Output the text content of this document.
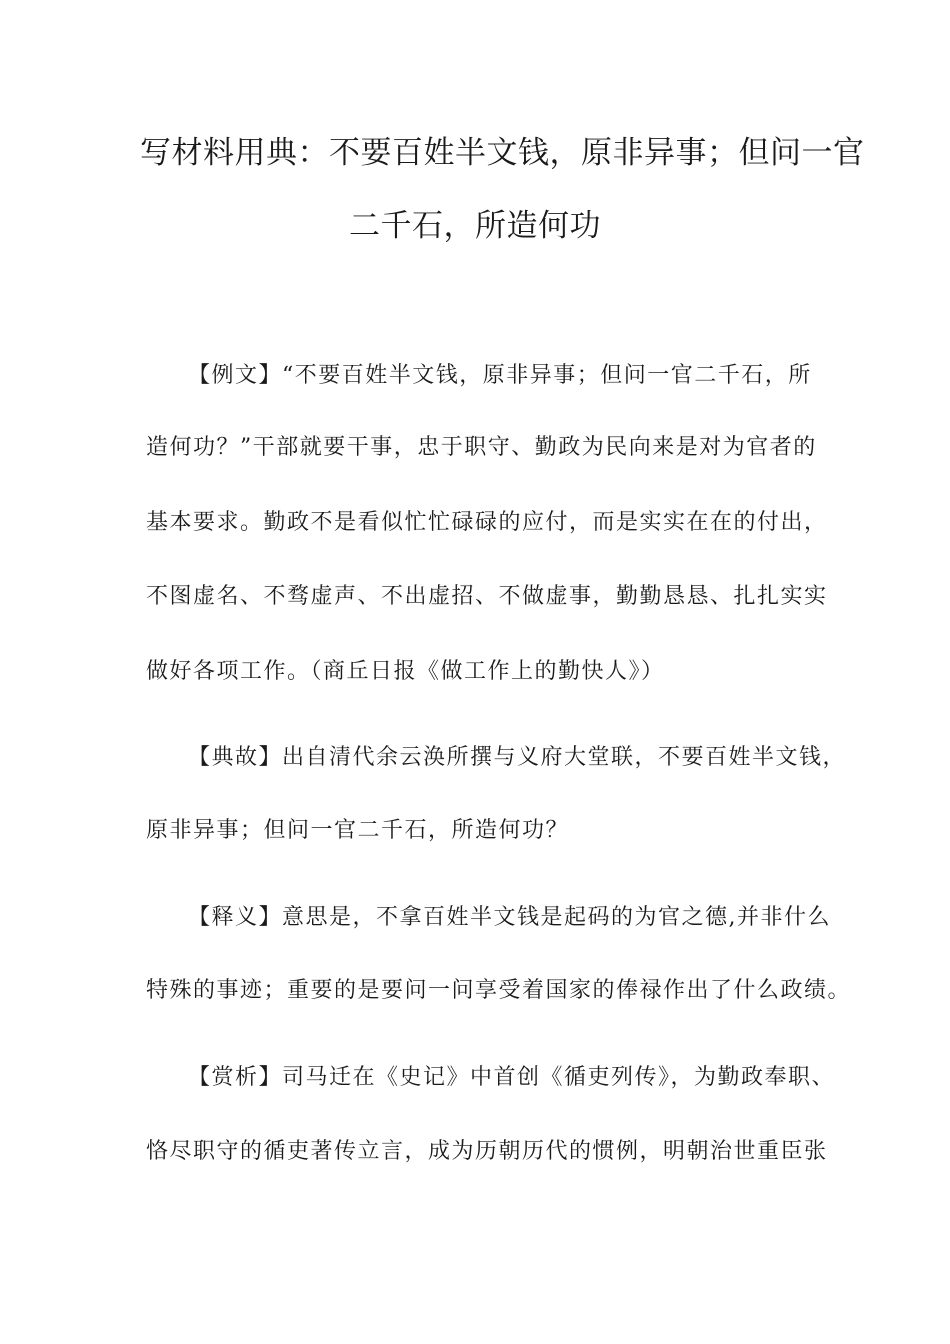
写材料用典：不要百姓半文钱，原非异事；但问一官
二千石，所造何功
【例文】“不要百姓半文钱，原非异事；但问一官二千石，所
造何功？”干部就要干事，忠于职守、勤政为民向来是对为官者的
基本要求。勤政不是看似忙忙碌碌的应付，而是实实在在的付出，
不图虚名、不骛虚声、不出虚招、不做虚事，勤勤恳恳、扎扎实实
做好各项工作。（商丘日报《做工作上的勤快人》）
【典故】出自清代余云涣所撰与义府大堂联，不要百姓半文钱，
原非异事；但问一官二千石，所造何功？
【释义】意思是，不拿百姓半文钱是起码的为官之德,并非什么
特殊的事迹；重要的是要问一问享受着国家的俸禄作出了什么政绩。
【赏析】司马迁在《史记》中首创《循吏列传》，为勤政奉职、
恪尽职守的循吏著传立言，成为历朝历代的惯例，明朝治世重臣张
